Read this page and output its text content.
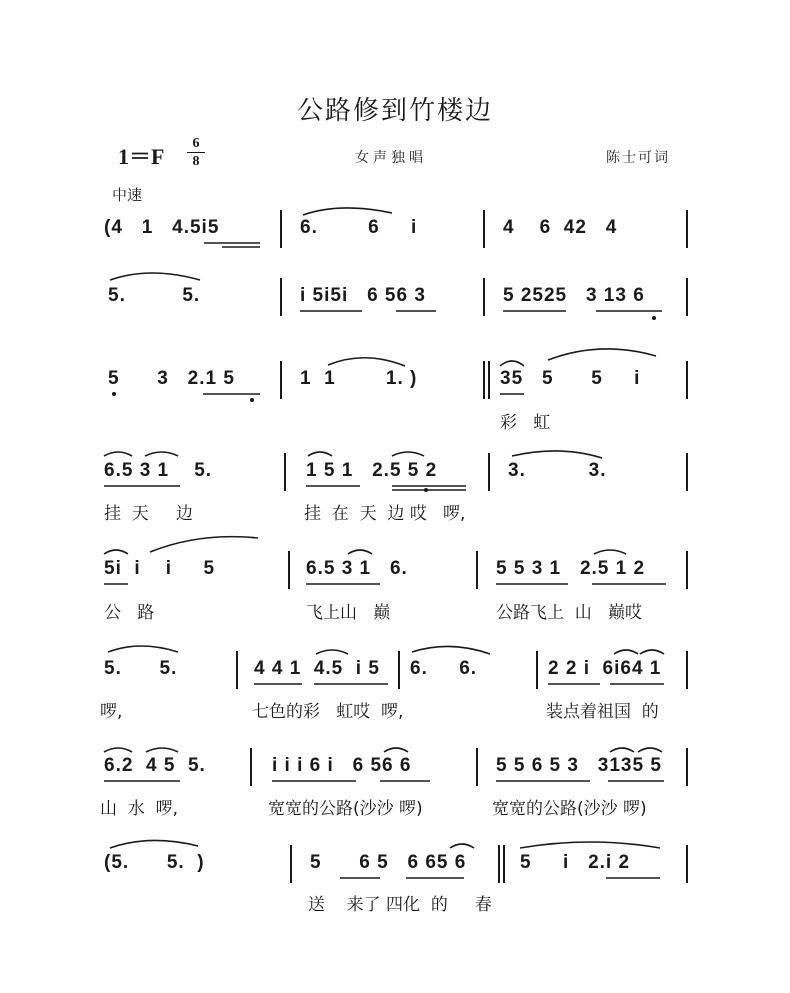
公路修到竹楼边
$1=F \frac{6}{8}$	女声独唱	陈士可词
中速
(4   1   4.5i5	6.        6     i	4    6  42   4
5.         5.	i 5i5i   6 56 3	5 2525   3 13 6
5      3   2.1 5	1  1        1. )	35   5      5     i
彩   虹
6.5 3 1    5.	1 5 1   2.5 5 2	3.          3.
挂  天     边	挂  在  天  边 哎   啰,
5i  i    i     5	6.5 3 1   6.	5 5 3 1   2.5 1 2
公   路	飞上山   巅	公路飞上  山   巅哎
5.      5.	4 4 1  4.5  i 5 6.     6.	2 2 i  6i64 1
啰,	七色的彩   虹哎  啰,	装点着祖国  的
6.2  4 5  5.	i i i 6 i   6 56 6	5 5 6 5 3   3135 5
山  水  啰,	宽宽的公路(沙沙 啰)	宽宽的公路(沙沙 啰)
(5.      5.  )	5      6 5   6 65 6	5     i   2.i 2
送    来了 四化  的     春
